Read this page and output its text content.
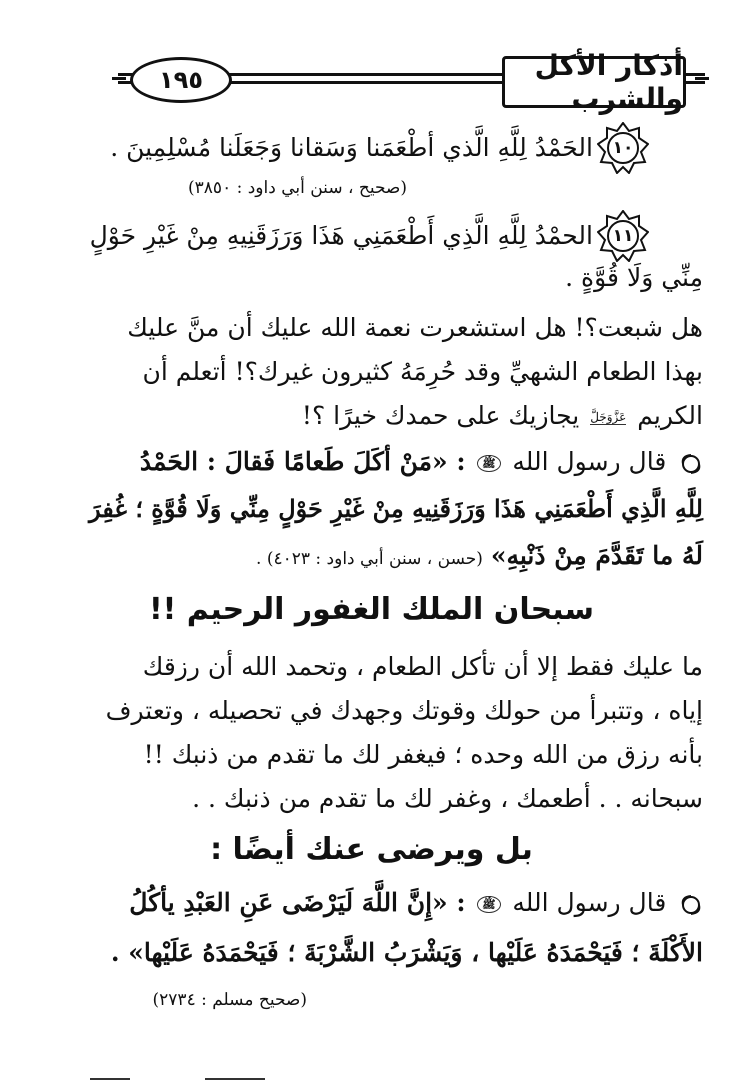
١٩٥	أذكار الأكل والشرب
١٠
الحَمْدُ لِلَّهِ الَّذي أطْعَمَنا وَسَقانا وَجَعَلَنا مُسْلِمِينَ .
(صحيح ، سنن أبي داود : ٣٨٥٠)
١١
الحمْدُ لِلَّهِ الَّذِي أَطْعَمَنِي هَذَا وَرَزَقَنِيهِ مِنْ غَيْرِ حَوْلٍ
مِنِّي وَلَا قُوَّةٍ .
هل شبعت؟! هل استشعرت نعمة الله عليك أن منَّ عليك
بهذا الطعام الشهيِّ وقد حُرِمَهُ كثيرون غيرك؟! أتعلم أن
الكريم عَزَّوَجَلَّ يجازيك على حمدك خيرًا ؟!
قال رسول الله ﷺ : «مَنْ أكَلَ طَعامًا فَقالَ : الحَمْدُ
لِلَّهِ الَّذِي أَطْعَمَنِي هَذَا وَرَزَقَنِيهِ مِنْ غَيْرِ حَوْلٍ مِنِّي وَلَا قُوَّةٍ ؛ غُفِرَ
لَهُ ما تَقَدَّمَ مِنْ ذَنْبِهِ» (حسن ، سنن أبي داود : ٤٠٢٣) .
سبحان الملك الغفور الرحيم !!
ما عليك فقط إلا أن تأكل الطعام ، وتحمد الله أن رزقك
إياه ، وتتبرأ من حولك وقوتك وجهدك في تحصيله ، وتعترف
بأنه رزق من الله وحده ؛ فيغفر لك ما تقدم من ذنبك !!
سبحانه . . أطعمك ، وغفر لك ما تقدم من ذنبك . .
بل ويرضى عنك أيضًا :
قال رسول الله ﷺ : «إِنَّ اللَّهَ لَيَرْضَى عَنِ العَبْدِ يأكُلُ
الأَكْلَةَ ؛ فَيَحْمَدَهُ عَلَيْها ، وَيَشْرَبُ الشَّرْبَةَ ؛ فَيَحْمَدَهُ عَلَيْها» .
(صحيح مسلم : ٢٧٣٤)
